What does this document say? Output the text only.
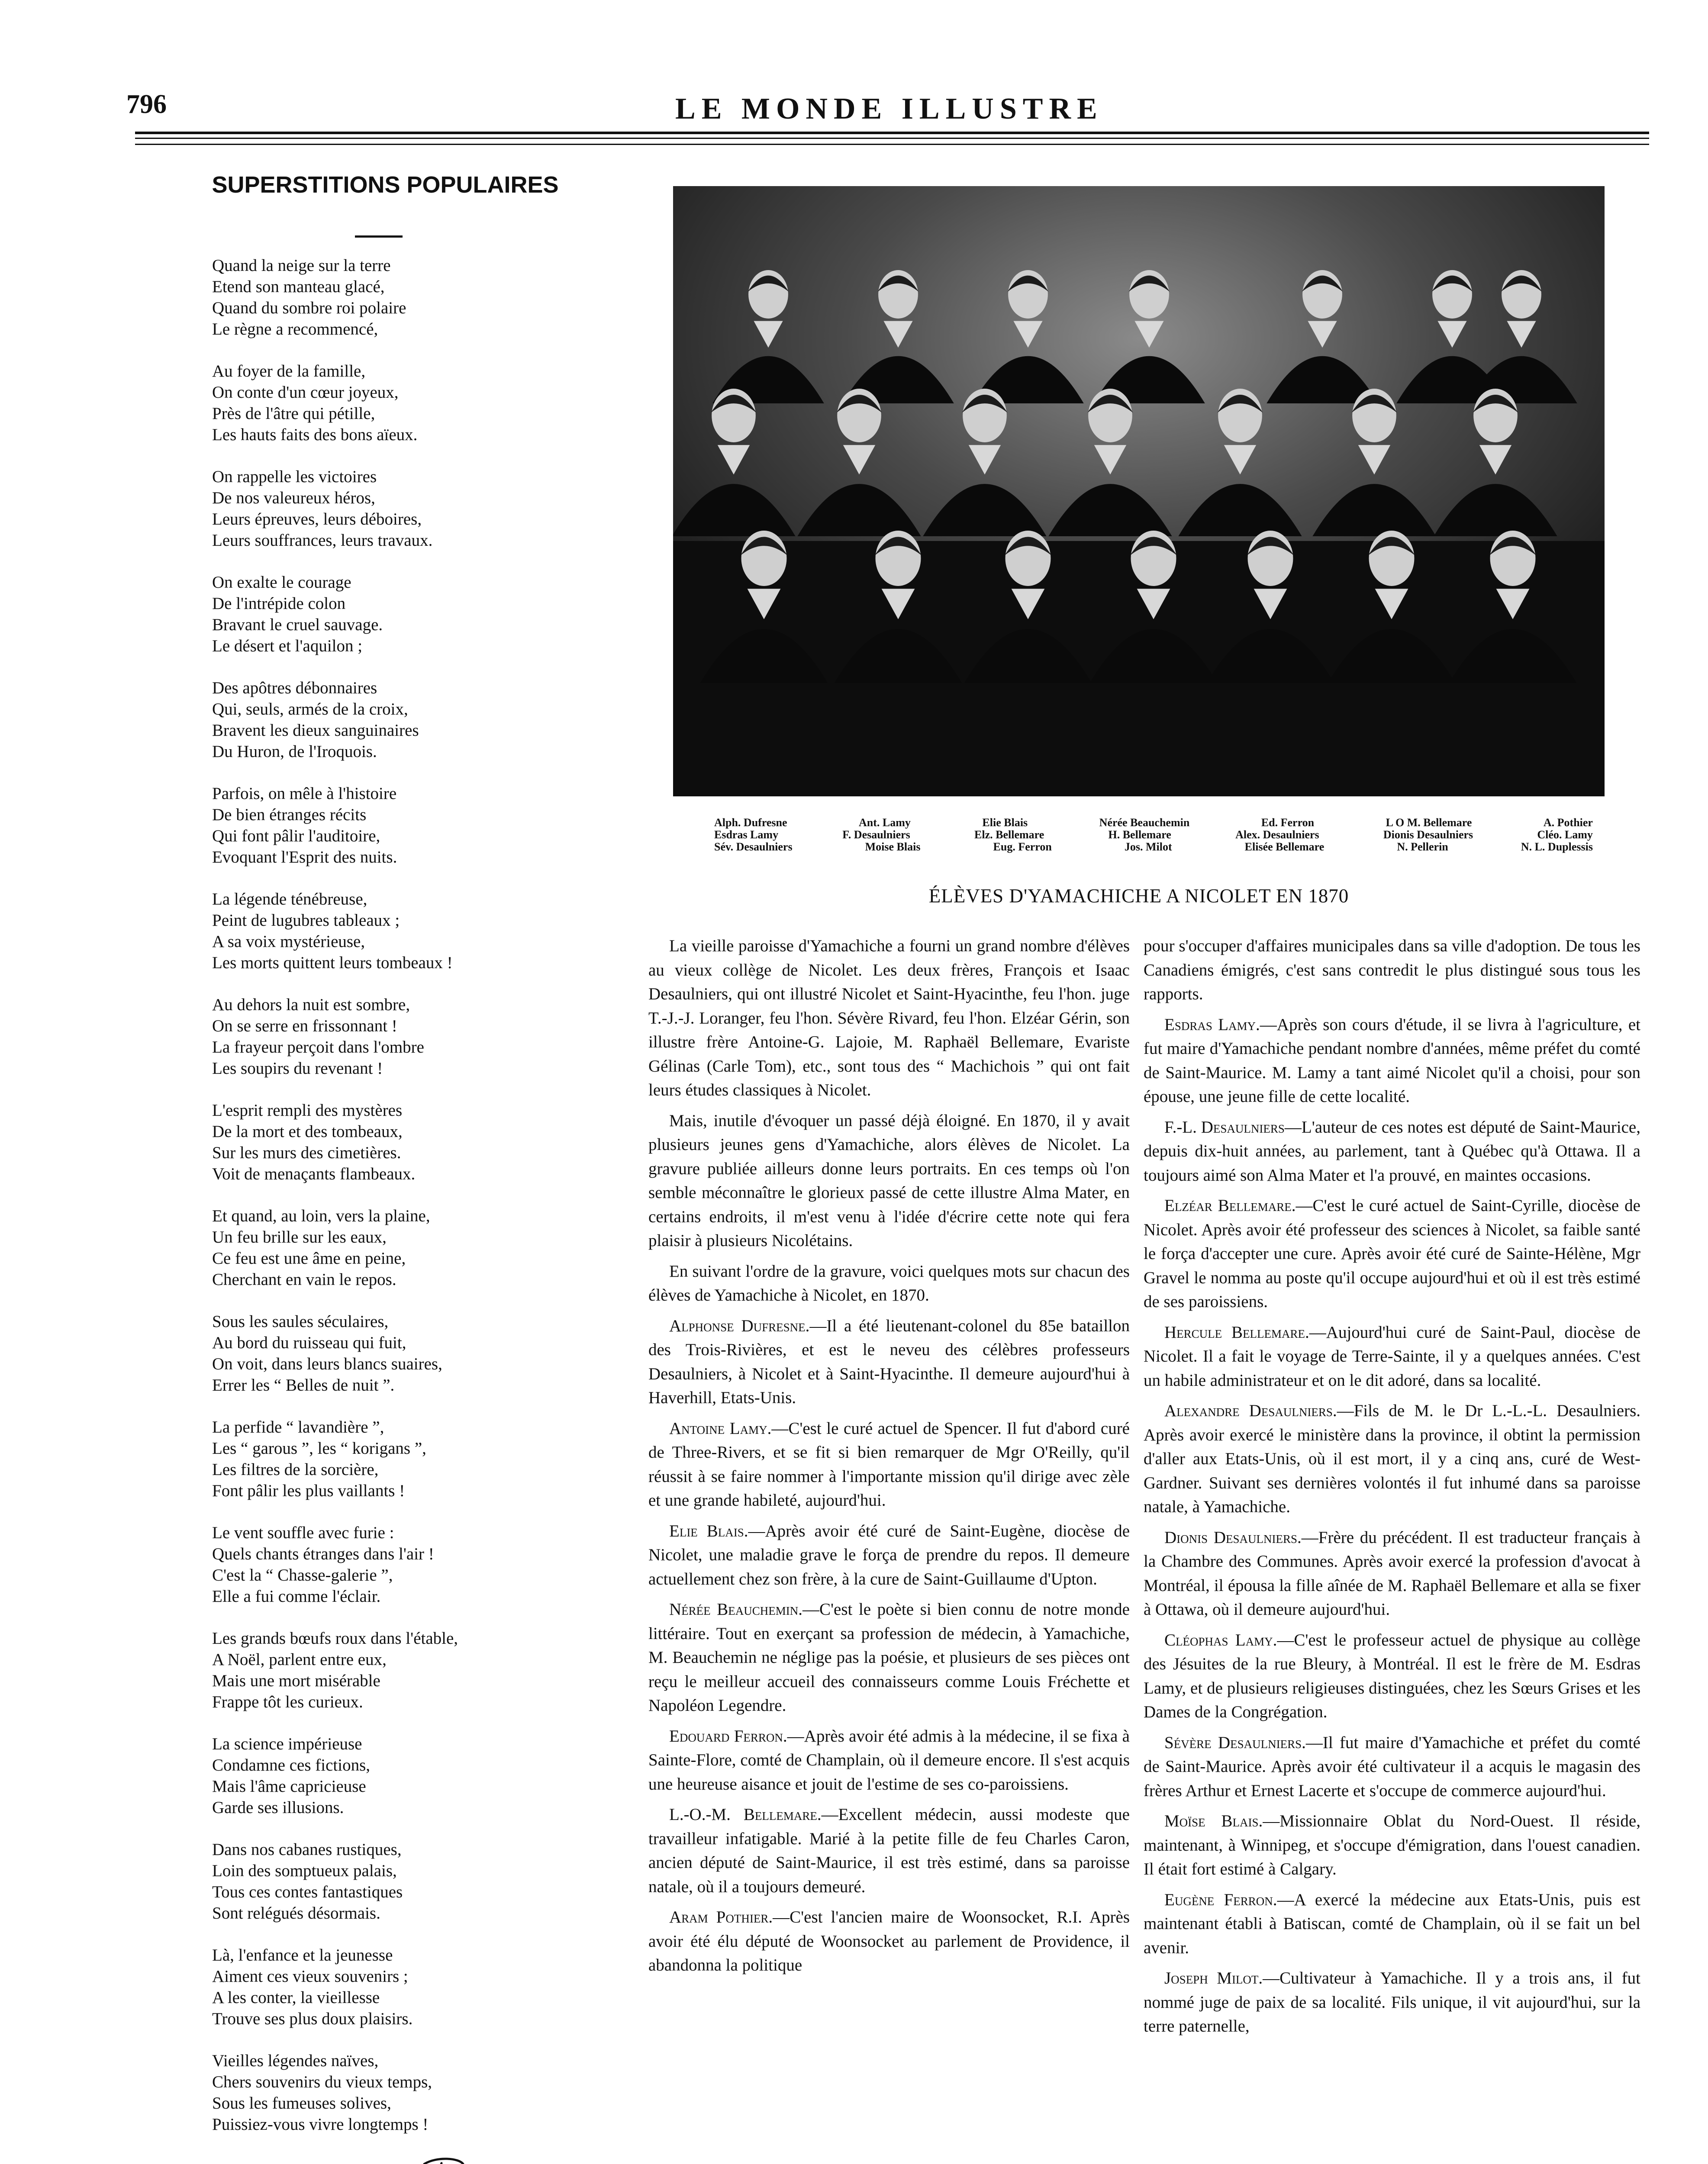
796	LE MONDE ILLUSTRE
SUPERSTITIONS POPULAIRES
Quand la neige sur la terre
Etend son manteau glacé,
Quand du sombre roi polaire
Le règne a recommencé,
Au foyer de la famille,
On conte d'un cœur joyeux,
Près de l'âtre qui pétille,
Les hauts faits des bons aïeux.
On rappelle les victoires
De nos valeureux héros,
Leurs épreuves, leurs déboires,
Leurs souffrances, leurs travaux.
On exalte le courage
De l'intrépide colon
Bravant le cruel sauvage.
Le désert et l'aquilon ;
Des apôtres débonnaires
Qui, seuls, armés de la croix,
Bravent les dieux sanguinaires
Du Huron, de l'Iroquois.
Parfois, on mêle à l'histoire
De bien étranges récits
Qui font pâlir l'auditoire,
Evoquant l'Esprit des nuits.
La légende ténébreuse,
Peint de lugubres tableaux ;
A sa voix mystérieuse,
Les morts quittent leurs tombeaux !
Au dehors la nuit est sombre,
On se serre en frissonnant !
La frayeur perçoit dans l'ombre
Les soupirs du revenant !
L'esprit rempli des mystères
De la mort et des tombeaux,
Sur les murs des cimetières.
Voit de menaçants flambeaux.
Et quand, au loin, vers la plaine,
Un feu brille sur les eaux,
Ce feu est une âme en peine,
Cherchant en vain le repos.
Sous les saules séculaires,
Au bord du ruisseau qui fuit,
On voit, dans leurs blancs suaires,
Errer les “ Belles de nuit ”.
La perfide “ lavandière ”,
Les “ garous ”, les “ korigans ”,
Les filtres de la sorcière,
Font pâlir les plus vaillants !
Le vent souffle avec furie :
Quels chants étranges dans l'air !
C'est la “ Chasse-galerie ”,
Elle a fui comme l'éclair.
Les grands bœufs roux dans l'étable,
A Noël, parlent entre eux,
Mais une mort misérable
Frappe tôt les curieux.
La science impérieuse
Condamne ces fictions,
Mais l'âme capricieuse
Garde ses illusions.
Dans nos cabanes rustiques,
Loin des somptueux palais,
Tous ces contes fantastiques
Sont relégués désormais.
Là, l'enfance et la jeunesse
Aiment ces vieux souvenirs ;
A les conter, la vieillesse
Trouve ses plus doux plaisirs.
Vieilles légendes naïves,
Chers souvenirs du vieux temps,
Sous les fumeuses solives,
Puissiez-vous vivre longtemps !
Alph. Dufresne	Ant. Lamy	Elie Blais	Nérée Beauchemin	Ed. Ferron	L O M. Bellemare	A. Pothier
Esdras Lamy	F. Desaulniers	Elz. Bellemare	H. Bellemare	Alex. Desaulniers	Dionis Desaulniers	Cléo. Lamy
Sév. Desaulniers	Moise Blais	Eug. Ferron	Jos. Milot	Elisée Bellemare	N. Pellerin	N. L. Duplessis
ÉLÈVES D'YAMACHICHE A NICOLET EN 1870

La vieille paroisse d'Yamachiche a fourni un grand nombre d'élèves au vieux collège de Nicolet. Les deux frères, François et Isaac Desaulniers, qui ont illustré Nicolet et Saint-Hyacinthe, feu l'hon. juge T.-J.-J. Loranger, feu l'hon. Sévère Rivard, feu l'hon. Elzéar Gérin, son illustre frère Antoine-G. Lajoie, M. Raphaël Bellemare, Evariste Gélinas (Carle Tom), etc., sont tous des “ Machichois ” qui ont fait leurs études classiques à Nicolet.

Mais, inutile d'évoquer un passé déjà éloigné. En 1870, il y avait plusieurs jeunes gens d'Yamachiche, alors élèves de Nicolet. La gravure publiée ailleurs donne leurs portraits. En ces temps où l'on semble méconnaître le glorieux passé de cette illustre Alma Mater, en certains endroits, il m'est venu à l'idée d'écrire cette note qui fera plaisir à plusieurs Nicolétains.

En suivant l'ordre de la gravure, voici quelques mots sur chacun des élèves de Yamachiche à Nicolet, en 1870.

Alphonse Dufresne.—Il a été lieutenant-colonel du 85e bataillon des Trois-Rivières, et est le neveu des célèbres professeurs Desaulniers, à Nicolet et à Saint-Hyacinthe. Il demeure aujourd'hui à Haverhill, Etats-Unis.

Antoine Lamy.—C'est le curé actuel de Spencer. Il fut d'abord curé de Three-Rivers, et se fit si bien remarquer de Mgr O'Reilly, qu'il réussit à se faire nommer à l'importante mission qu'il dirige avec zèle et une grande habileté, aujourd'hui.

Elie Blais.—Après avoir été curé de Saint-Eugène, diocèse de Nicolet, une maladie grave le força de prendre du repos. Il demeure actuellement chez son frère, à la cure de Saint-Guillaume d'Upton.

Nérée Beauchemin.—C'est le poète si bien connu de notre monde littéraire. Tout en exerçant sa profession de médecin, à Yamachiche, M. Beauchemin ne néglige pas la poésie, et plusieurs de ses pièces ont reçu le meilleur accueil des connaisseurs comme Louis Fréchette et Napoléon Legendre.

Edouard Ferron.—Après avoir été admis à la médecine, il se fixa à Sainte-Flore, comté de Champlain, où il demeure encore. Il s'est acquis une heureuse aisance et jouit de l'estime de ses co-paroissiens.

L.-O.-M. Bellemare.—Excellent médecin, aussi modeste que travailleur infatigable. Marié à la petite fille de feu Charles Caron, ancien député de Saint-Maurice, il est très estimé, dans sa paroisse natale, où il a toujours demeuré.

Aram Pothier.—C'est l'ancien maire de Woonsocket, R.I. Après avoir été élu député de Woonsocket au parlement de Providence, il abandonna la politique

pour s'occuper d'affaires municipales dans sa ville d'adoption. De tous les Canadiens émigrés, c'est sans contredit le plus distingué sous tous les rapports.

Esdras Lamy.—Après son cours d'étude, il se livra à l'agriculture, et fut maire d'Yamachiche pendant nombre d'années, même préfet du comté de Saint-Maurice. M. Lamy a tant aimé Nicolet qu'il a choisi, pour son épouse, une jeune fille de cette localité.

F.-L. Desaulniers—L'auteur de ces notes est député de Saint-Maurice, depuis dix-huit années, au parlement, tant à Québec qu'à Ottawa. Il a toujours aimé son Alma Mater et l'a prouvé, en maintes occasions.

Elzéar Bellemare.—C'est le curé actuel de Saint-Cyrille, diocèse de Nicolet. Après avoir été professeur des sciences à Nicolet, sa faible santé le força d'accepter une cure. Après avoir été curé de Sainte-Hélène, Mgr Gravel le nomma au poste qu'il occupe aujourd'hui et où il est très estimé de ses paroissiens.

Hercule Bellemare.—Aujourd'hui curé de Saint-Paul, diocèse de Nicolet. Il a fait le voyage de Terre-Sainte, il y a quelques années. C'est un habile administrateur et on le dit adoré, dans sa localité.

Alexandre Desaulniers.—Fils de M. le Dr L.-L.-L. Desaulniers. Après avoir exercé le ministère dans la province, il obtint la permission d'aller aux Etats-Unis, où il est mort, il y a cinq ans, curé de West-Gardner. Suivant ses dernières volontés il fut inhumé dans sa paroisse natale, à Yamachiche.

Dionis Desaulniers.—Frère du précédent. Il est traducteur français à la Chambre des Communes. Après avoir exercé la profession d'avocat à Montréal, il épousa la fille aînée de M. Raphaël Bellemare et alla se fixer à Ottawa, où il demeure aujourd'hui.

Cléophas Lamy.—C'est le professeur actuel de physique au collège des Jésuites de la rue Bleury, à Montréal. Il est le frère de M. Esdras Lamy, et de plusieurs religieuses distinguées, chez les Sœurs Grises et les Dames de la Congrégation.

Sévère Desaulniers.—Il fut maire d'Yamachiche et préfet du comté de Saint-Maurice. Après avoir été cultivateur il a acquis le magasin des frères Arthur et Ernest Lacerte et s'occupe de commerce aujourd'hui.

Moïse Blais.—Missionnaire Oblat du Nord-Ouest. Il réside, maintenant, à Winnipeg, et s'occupe d'émigration, dans l'ouest canadien. Il était fort estimé à Calgary.

Eugène Ferron.—A exercé la médecine aux Etats-Unis, puis est maintenant établi à Batiscan, comté de Champlain, où il se fait un bel avenir.

Joseph Milot.—Cultivateur à Yamachiche. Il y a trois ans, il fut nommé juge de paix de sa localité. Fils unique, il vit aujourd'hui, sur la terre paternelle,
